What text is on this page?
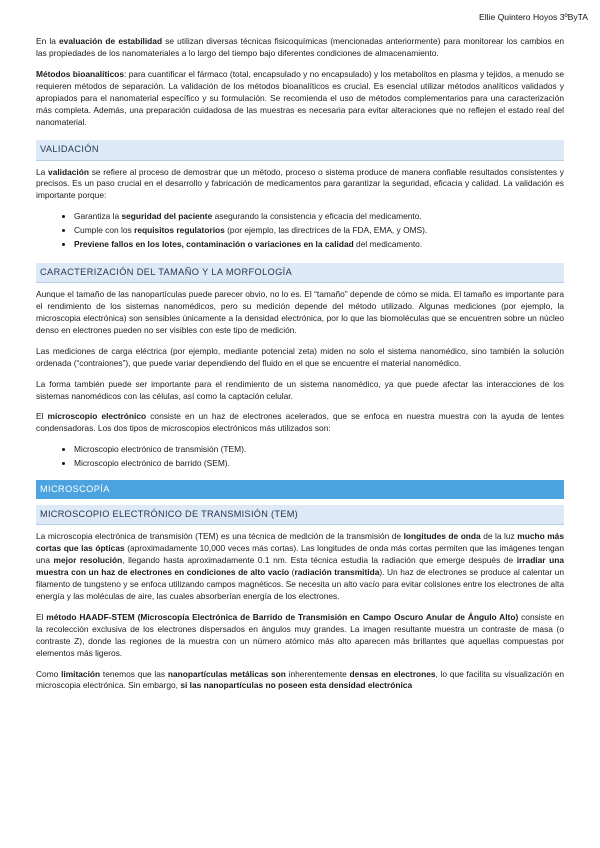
Ellie Quintero Hoyos 3ºByTA

En la evaluación de estabilidad se utilizan diversas técnicas fisicoquímicas (mencionadas anteriormente) para monitorear los cambios en las propiedades de los nanomateriales a lo largo del tiempo bajo diferentes condiciones de almacenamiento.

Métodos bioanalíticos: para cuantificar el fármaco (total, encapsulado y no encapsulado) y los metabolitos en plasma y tejidos, a menudo se requieren métodos de separación. La validación de los métodos bioanalíticos es crucial. Es esencial utilizar métodos analíticos validados y apropiados para el nanomaterial específico y su formulación. Se recomienda el uso de métodos complementarios para una caracterización más completa. Además, una preparación cuidadosa de las muestras es necesaria para evitar alteraciones que no reflejen el estado real del nanomaterial.

VALIDACIÓN

La validación se refiere al proceso de demostrar que un método, proceso o sistema produce de manera confiable resultados consistentes y precisos. Es un paso crucial en el desarrollo y fabricación de medicamentos para garantizar la seguridad, eficacia y calidad. La validación es importante porque:

• Garantiza la seguridad del paciente asegurando la consistencia y eficacia del medicamento.
• Cumple con los requisitos regulatorios (por ejemplo, las directrices de la FDA, EMA, y OMS).
• Previene fallos en los lotes, contaminación o variaciones en la calidad del medicamento.
CARACTERIZACIÓN DEL TAMAÑO Y LA MORFOLOGÍA

Aunque el tamaño de las nanopartículas puede parecer obvio, no lo es. El “tamaño” depende de cómo se mida. El tamaño es importante para el rendimiento de los sistemas nanomédicos, pero su medición depende del método utilizado. Algunas mediciones (por ejemplo, la microscopia electrónica) son sensibles únicamente a la densidad electrónica, por lo que las biomoléculas que se encuentren sobre un núcleo denso en electrones pueden no ser visibles con este tipo de medición.

Las mediciones de carga eléctrica (por ejemplo, mediante potencial zeta) miden no solo el sistema nanomédico, sino también la solución ordenada (“contraiones”), que puede variar dependiendo del fluido en el que se encuentre el material nanomédico.

La forma también puede ser importante para el rendimiento de un sistema nanomédico, ya que puede afectar las interacciones de los sistemas nanomédicos con las células, así como la captación celular.

El microscopio electrónico consiste en un haz de electrones acelerados, que se enfoca en nuestra muestra con la ayuda de lentes condensadoras. Los dos tipos de microscopios electrónicos más utilizados son:

• Microscopio electrónico de transmisión (TEM).
• Microscopio electrónico de barrido (SEM).
MICROSCOPÍA
MICROSCOPIO ELECTRÓNICO DE TRANSMISIÓN (TEM)

La microscopia electrónica de transmisión (TEM) es una técnica de medición de la transmisión de longitudes de onda de la luz mucho más cortas que las ópticas (aproximadamente 10,000 veces más cortas). Las longitudes de onda más cortas permiten que las imágenes tengan una mejor resolución, llegando hasta aproximadamente 0.1 nm. Esta técnica estudia la radiación que emerge después de irradiar una muestra con un haz de electrones en condiciones de alto vacío (radiación transmitida). Un haz de electrones se produce al calentar un filamento de tungsteno y se enfoca utilizando campos magnéticos. Se necesita un alto vacío para evitar colisiones entre los electrones de alta energía y las moléculas de aire, las cuales absorberían energía de los electrones.

El método HAADF-STEM (Microscopía Electrónica de Barrido de Transmisión en Campo Oscuro Anular de Ángulo Alto) consiste en la recolección exclusiva de los electrones dispersados en ángulos muy grandes. La imagen resultante muestra un contraste de masa (o contraste Z), donde las regiones de la muestra con un número atómico más alto aparecen más brillantes que aquellas compuestas por elementos más ligeros.

Como limitación tenemos que las nanopartículas metálicas son inherentemente densas en electrones, lo que facilita su visualización en microscopia electrónica. Sin embargo, si las nanopartículas no poseen esta densidad electrónica
